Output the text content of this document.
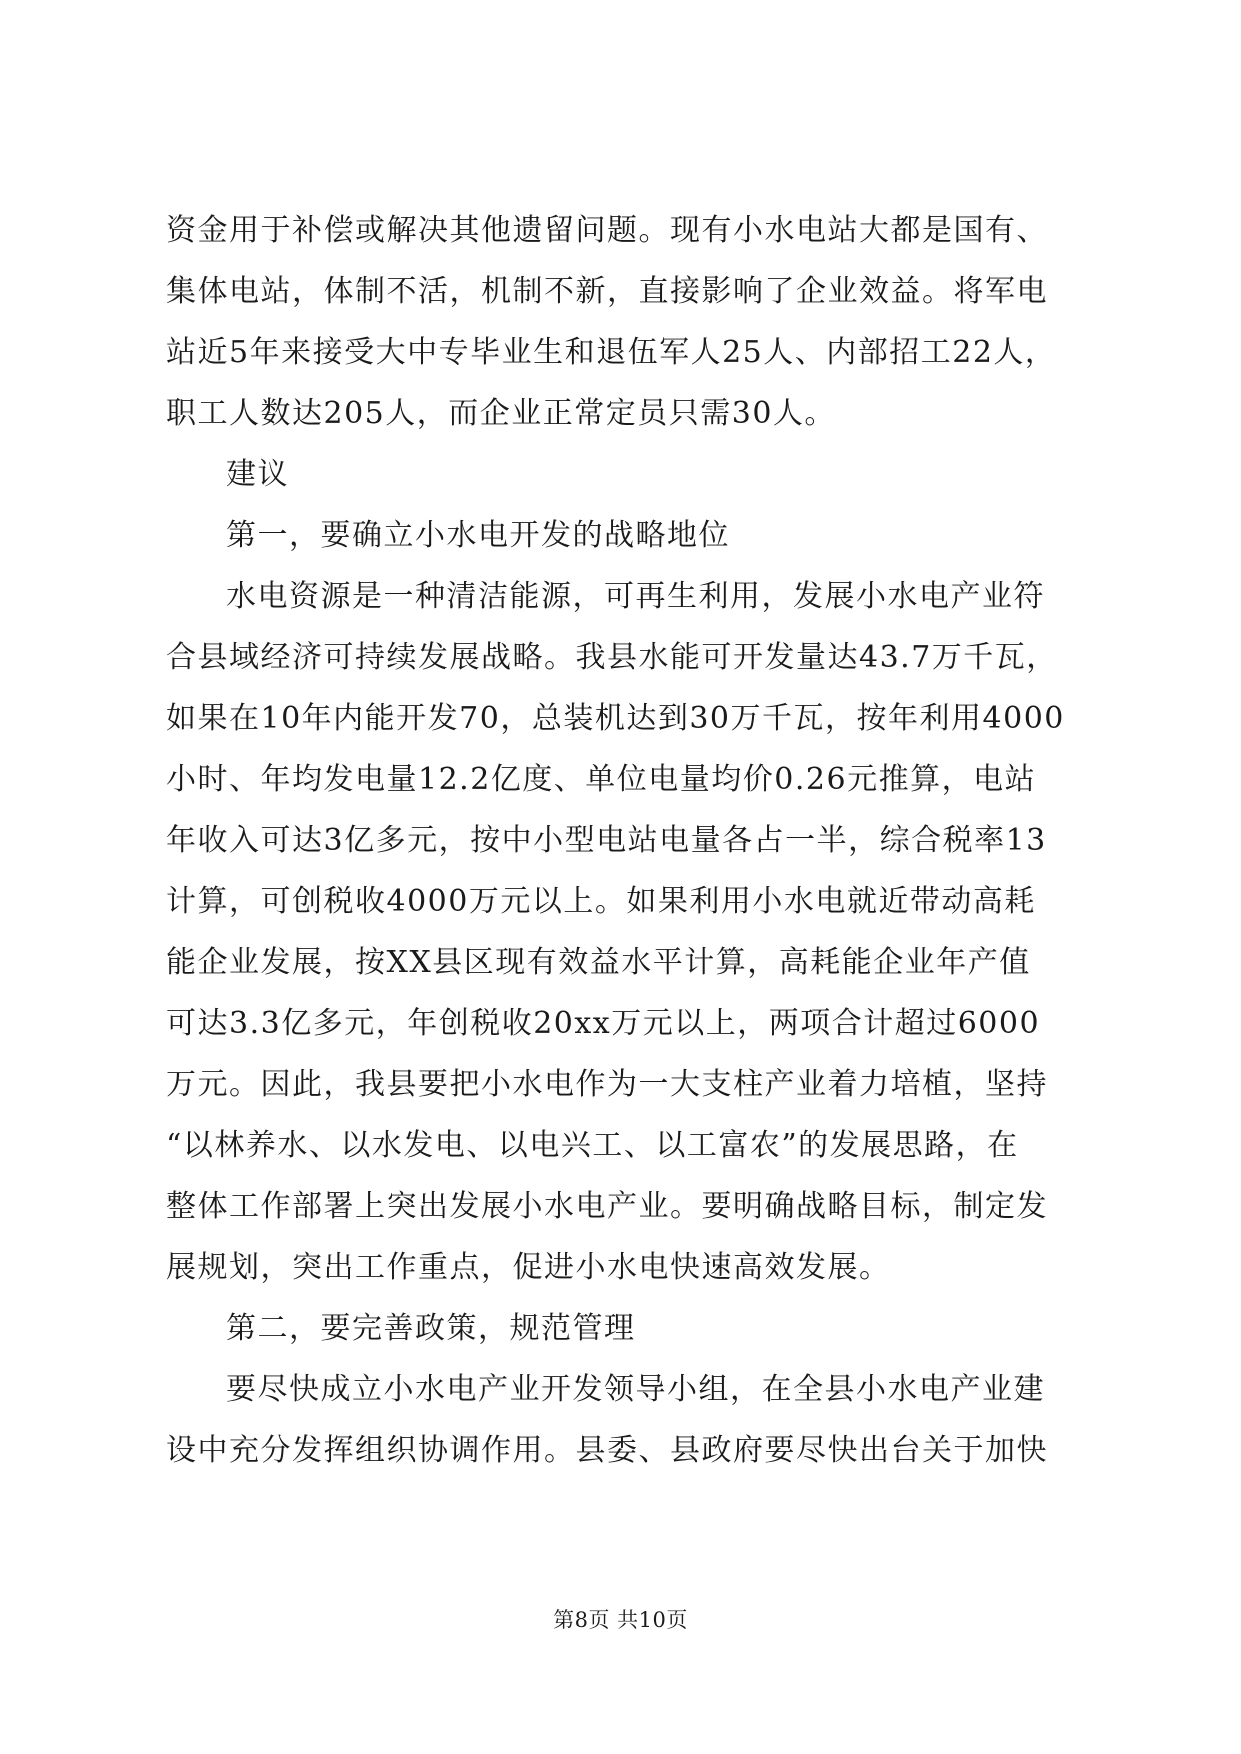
资金用于补偿或解决其他遗留问题。现有小水电站大都是国有、
集体电站，体制不活，机制不新，直接影响了企业效益。将军电
站近5年来接受大中专毕业生和退伍军人25人、内部招工22人，
职工人数达205人，而企业正常定员只需30人。
建议
第一，要确立小水电开发的战略地位
水电资源是一种清洁能源，可再生利用，发展小水电产业符
合县域经济可持续发展战略。我县水能可开发量达43.7万千瓦，
如果在10年内能开发70，总装机达到30万千瓦，按年利用4000
小时、年均发电量12.2亿度、单位电量均价0.26元推算，电站
年收入可达3亿多元，按中小型电站电量各占一半，综合税率13
计算，可创税收4000万元以上。如果利用小水电就近带动高耗
能企业发展，按XX县区现有效益水平计算，高耗能企业年产值
可达3.3亿多元，年创税收20xx万元以上，两项合计超过6000
万元。因此，我县要把小水电作为一大支柱产业着力培植，坚持
“以林养水、以水发电、以电兴工、以工富农”的发展思路，在
整体工作部署上突出发展小水电产业。要明确战略目标，制定发
展规划，突出工作重点，促进小水电快速高效发展。
第二，要完善政策，规范管理
要尽快成立小水电产业开发领导小组，在全县小水电产业建
设中充分发挥组织协调作用。县委、县政府要尽快出台关于加快
第8页 共10页
